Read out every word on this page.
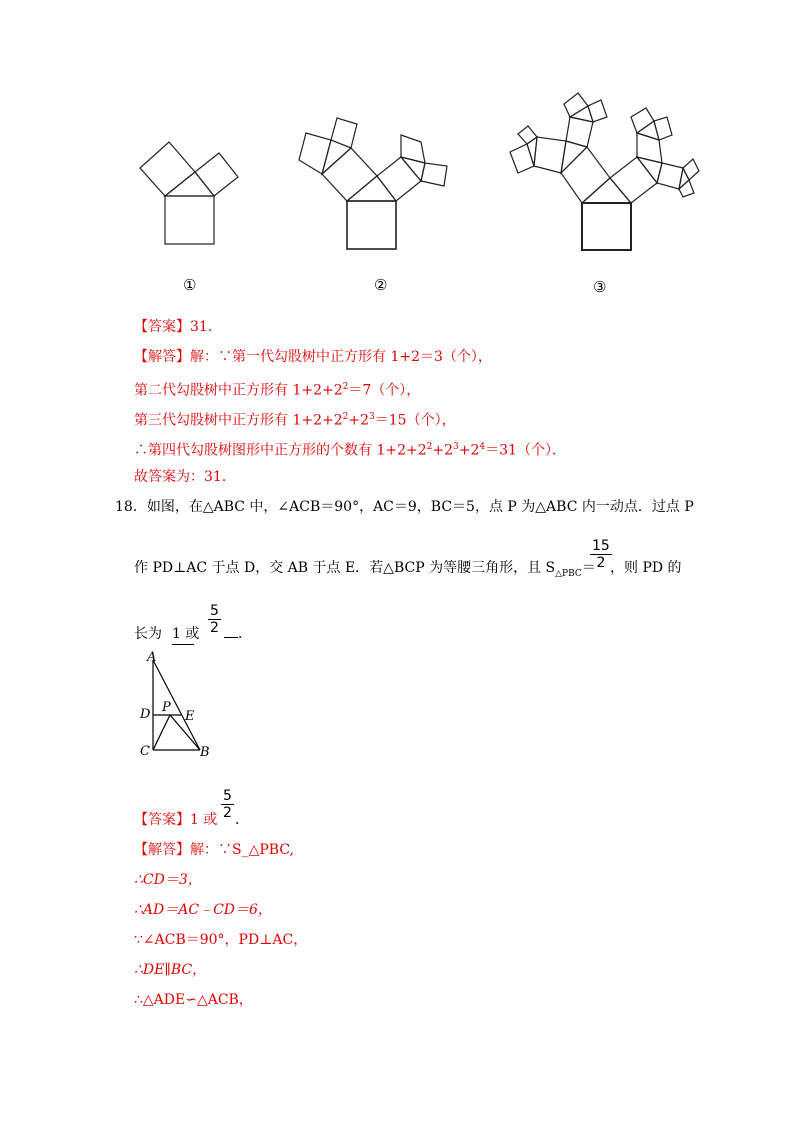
①	②	③
【答案】31．
【解答】解：∵第一代勾股树中正方形有 1+2＝3（个），
第二代勾股树中正方形有 $1+2+2^2=7$（个），
第三代勾股树中正方形有 $1+2+2^2+2^3=15$（个），
∴第四代勾股树图形中正方形的个数有 $1+2+2^2+2^3+2^4=31$（个）．
故答案为：31．
18．如图，在△ABC 中，∠ACB＝90°，AC＝9，BC＝5，点 P 为△ABC 内一动点．过点 P
作 PD⊥AC 于点 D，交 AB 于点 E．若△BCP 为等腰三角形，且 $S_{\triangle PBC}=$
$\frac{15}{2}$
，则 PD 的
长为 1 或 $\frac{5}{2}$	．
A
D P
E
C	B
【答案】1 或 $\frac{5}{2}$ ．
【解答】解：∵S_△PBC,
∴CD＝3，
∴AD＝AC﹣CD＝6，
∵∠ACB＝90°，PD⊥AC，
∴DE∥BC，
∴△ADE∽△ACB，
